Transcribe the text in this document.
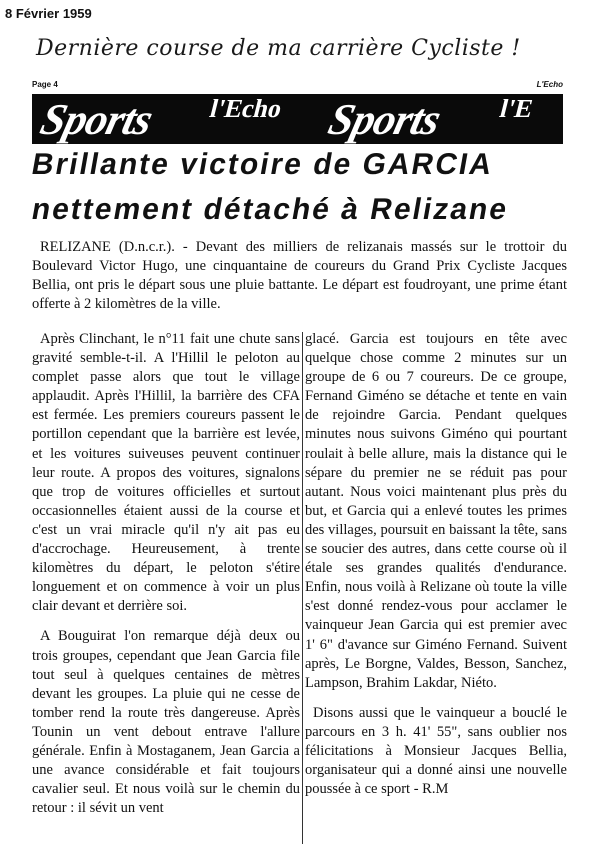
8 Février 1959
Dernière course de ma carrière Cycliste !
Page 4	L'Echo
Sports l'Echo Sports l'E
Brillante victoire de GARCIA
nettement détaché à Relizane
RELIZANE (D.n.c.r.). - Devant des milliers de relizanais massés sur le trottoir du Boulevard Victor Hugo, une cinquantaine de coureurs du Grand Prix Cycliste Jacques Bellia, ont pris le départ sous une pluie battante. Le départ est foudroyant, une prime étant offerte à 2 kilomètres de la ville.

Après Clinchant, le n°11 fait une chute sans gravité semble-t-il. A l'Hillil le peloton au complet passe alors que tout le village applaudit. Après l'Hillil, la barrière des CFA est fermée. Les premiers coureurs passent le portillon cependant que la barrière est levée, et les voitures suiveuses peuvent continuer leur route. A propos des voitures, signalons que trop de voitures officielles et surtout occasionnelles étaient aussi de la course et c'est un vrai miracle qu'il n'y ait pas eu d'accrochage. Heureusement, à trente kilomètres du départ, le peloton s'étire longuement et on commence à voir un plus clair devant et derrière soi.

A Bouguirat l'on remarque déjà deux ou trois groupes, cependant que Jean Garcia file tout seul à quelques centaines de mètres devant les groupes. La pluie qui ne cesse de tomber rend la route très dangereuse. Après Tounin un vent debout entrave l'allure générale. Enfin à Mostaganem, Jean Garcia a une avance considérable et fait toujours cavalier seul. Et nous voilà sur le chemin du retour : il sévit un vent

glacé. Garcia est toujours en tête avec quelque chose comme 2 minutes sur un groupe de 6 ou 7 coureurs. De ce groupe, Fernand Giméno se détache et tente en vain de rejoindre Garcia. Pendant quelques minutes nous suivons Giméno qui pourtant roulait à belle allure, mais la distance qui le sépare du premier ne se réduit pas pour autant. Nous voici maintenant plus près du but, et Garcia qui a enlevé toutes les primes des villages, poursuit en baissant la tête, sans se soucier des autres, dans cette course où il étale ses grandes qualités d'endurance. Enfin, nous voilà à Relizane où toute la ville s'est donné rendez-vous pour acclamer le vainqueur Jean Garcia qui est premier avec 1' 6" d'avance sur Giméno Fernand. Suivent après, Le Borgne, Valdes, Besson, Sanchez, Lampson, Brahim Lakdar, Niéto.

Disons aussi que le vainqueur a bouclé le parcours en 3 h. 41' 55", sans oublier nos félicitations à Monsieur Jacques Bellia, organisateur qui a donné ainsi une nouvelle poussée à ce sport - R.M
